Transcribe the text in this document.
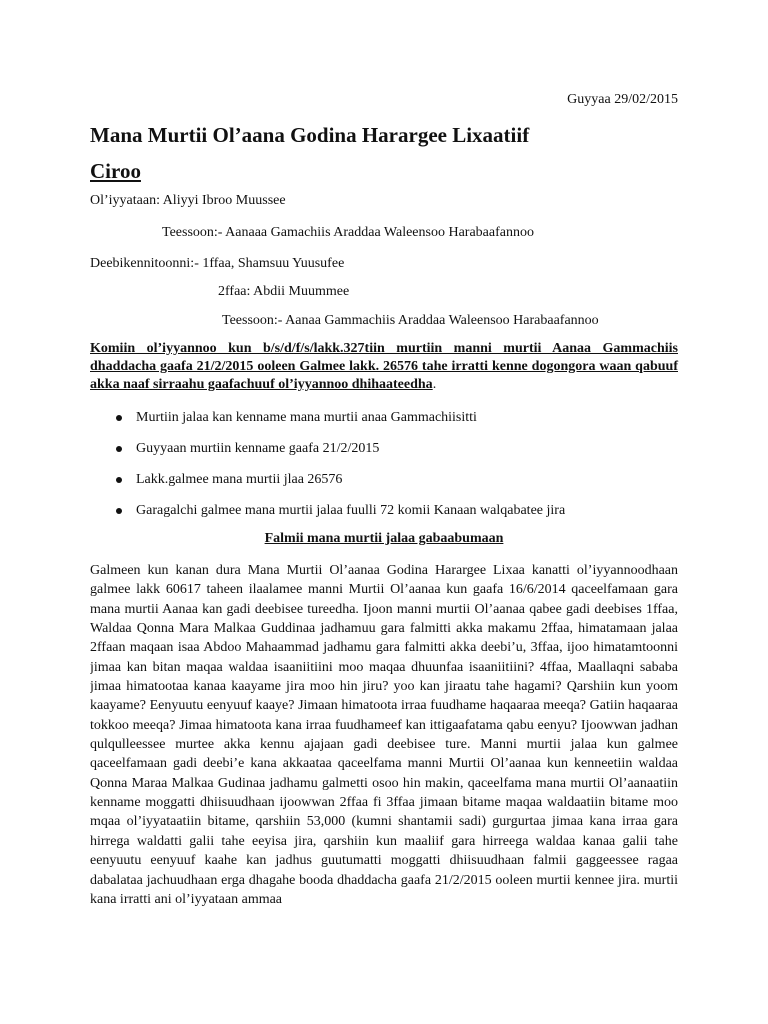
Guyyaa 29/02/2015
Mana Murtii Ol’aana Godina Harargee Lixaatiif
Ciroo
Ol’iyyataan: Aliyyi Ibroo Muussee
Teessoon:- Aanaaa Gamachiis Araddaa Waleensoo Harabaafannoo
Deebikennitoonni:- 1ffaa, Shamsuu Yuusufee
2ffaa: Abdii Muummee
Teessoon:- Aanaa Gammachiis Araddaa Waleensoo Harabaafannoo
Komiin ol’iyyannoo kun b/s/d/f/s/lakk.327tiin murtiin manni murtii Aanaa Gammachiis dhaddacha gaafa 21/2/2015 ooleen Galmee lakk. 26576 tahe irratti kenne dogongora waan qabuuf akka naaf sirraahu gaafachuuf ol’iyyannoo dhihaateedha.
Murtiin jalaa kan kenname mana murtii anaa Gammachiisitti
Guyyaan murtiin kenname gaafa 21/2/2015
Lakk.galmee mana murtii jlaa 26576
Garagalchi galmee mana murtii jalaa fuulli 72 komii Kanaan walqabatee jira
Falmii mana murtii jalaa gabaabumaan

Galmeen kun kanan dura Mana Murtii Ol’aanaa Godina Harargee Lixaa kanatti ol’iyyannoodhaan galmee lakk 60617 taheen ilaalamee manni Murtii Ol’aanaa kun gaafa 16/6/2014 qaceelfamaan gara mana murtii Aanaa kan gadi deebisee tureedha. Ijoon manni murtii Ol’aanaa qabee gadi deebises 1ffaa, Waldaa Qonna Mara Malkaa Guddinaa jadhamuu gara falmitti akka makamu 2ffaa, himatamaan jalaa 2ffaan maqaan isaa Abdoo Mahaammad jadhamu gara falmitti akka deebi’u, 3ffaa, ijoo himatamtoonni jimaa kan bitan maqaa waldaa isaaniitiini moo maqaa dhuunfaa isaaniitiini? 4ffaa, Maallaqni sababa jimaa himatootaa kanaa kaayame jira moo hin jiru? yoo kan jiraatu tahe hagami? Qarshiin kun yoom kaayame? Eenyuutu eenyuuf kaaye? Jimaan himatoota irraa fuudhame haqaaraa meeqa? Gatiin haqaaraa tokkoo meeqa? Jimaa himatoota kana irraa fuudhameef kan ittigaafatama qabu eenyu? Ijoowwan jadhan qulqulleessee murtee akka kennu ajajaan gadi deebisee ture. Manni murtii jalaa kun galmee qaceelfamaan gadi deebi’e kana akkaataa qaceelfama manni Murtii Ol’aanaa kun kenneetiin waldaa Qonna Maraa Malkaa Gudinaa jadhamu galmetti osoo hin makin, qaceelfama mana murtii Ol’aanaatiin kenname moggatti dhiisuudhaan ijoowwan 2ffaa fi 3ffaa jimaan bitame maqaa waldaatiin bitame moo mqaa ol’iyyataatiin bitame, qarshiin 53,000 (kumni shantamii sadi) gurgurtaa jimaa kana irraa gara hirrega waldatti galii tahe eeyisa jira, qarshiin kun maaliif gara hirreega waldaa kanaa galii tahe eenyuutu eenyuuf kaahe kan jadhus guutumatti moggatti dhiisuudhaan falmii gaggeessee ragaa dabalataa jachuudhaan erga dhagahe booda dhaddacha gaafa 21/2/2015 ooleen murtii kennee jira. murtii kana irratti ani ol’iyyataan ammaa
